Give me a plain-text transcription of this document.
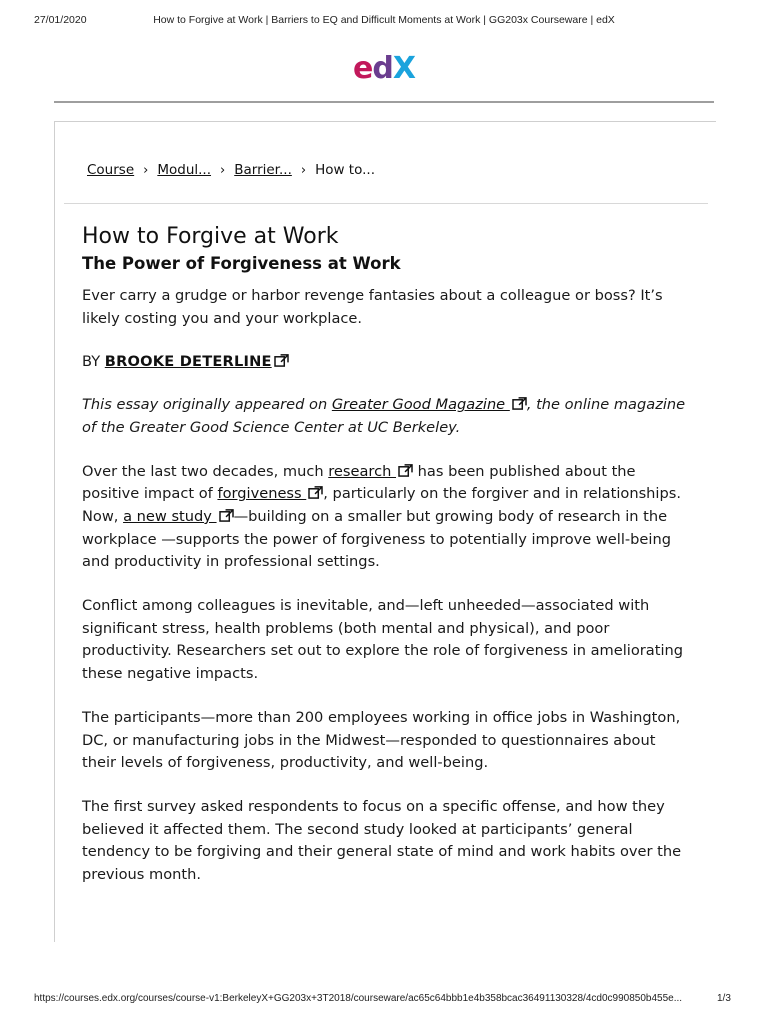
27/01/2020	How to Forgive at Work | Barriers to EQ and Difficult Moments at Work | GG203x Courseware | edX
edX
Course › Modul... › Barrier... › How to...
How to Forgive at Work
The Power of Forgiveness at Work

Ever carry a grudge or harbor revenge fantasies about a colleague or boss? It’s likely costing you and your workplace.

BY BROOKE DETERLINE

This essay originally appeared on Greater Good Magazine , the online magazine of the Greater Good Science Center at UC Berkeley.

Over the last two decades, much research  has been published about the positive impact of forgiveness , particularly on the forgiver and in relationships. Now, a new study —building on a smaller but growing body of research in the workplace —supports the power of forgiveness to potentially improve well-being and productivity in professional settings.

Conflict among colleagues is inevitable, and—left unheeded—associated with significant stress, health problems (both mental and physical), and poor productivity. Researchers set out to explore the role of forgiveness in ameliorating these negative impacts.

The participants—more than 200 employees working in office jobs in Washington, DC, or manufacturing jobs in the Midwest—responded to questionnaires about their levels of forgiveness, productivity, and well-being.

The first survey asked respondents to focus on a specific offense, and how they believed it affected them. The second study looked at participants’ general tendency to be forgiving and their general state of mind and work habits over the previous month.

https://courses.edx.org/courses/course-v1:BerkeleyX+GG203x+3T2018/courseware/ac65c64bbb1e4b358bcac36491130328/4cd0c990850b455e...	1/3
